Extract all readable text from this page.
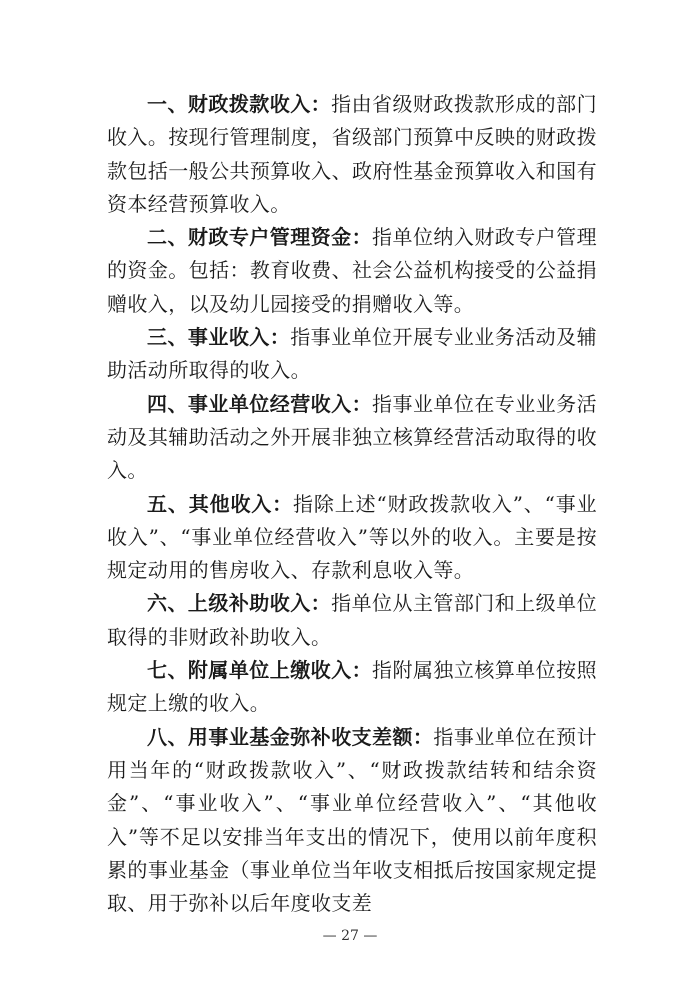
一、财政拨款收入：指由省级财政拨款形成的部门收入。按现行管理制度，省级部门预算中反映的财政拨款包括一般公共预算收入、政府性基金预算收入和国有资本经营预算收入。

二、财政专户管理资金：指单位纳入财政专户管理的资金。包括：教育收费、社会公益机构接受的公益捐赠收入，以及幼儿园接受的捐赠收入等。

三、事业收入：指事业单位开展专业业务活动及辅助活动所取得的收入。

四、事业单位经营收入：指事业单位在专业业务活动及其辅助活动之外开展非独立核算经营活动取得的收入。

五、其他收入：指除上述“财政拨款收入”、“事业收入”、“事业单位经营收入”等以外的收入。主要是按规定动用的售房收入、存款利息收入等。

六、上级补助收入：指单位从主管部门和上级单位取得的非财政补助收入。

七、附属单位上缴收入：指附属独立核算单位按照规定上缴的收入。

八、用事业基金弥补收支差额：指事业单位在预计用当年的“财政拨款收入”、“财政拨款结转和结余资金”、“事业收入”、“事业单位经营收入”、“其他收入”等不足以安排当年支出的情况下，使用以前年度积累的事业基金（事业单位当年收支相抵后按国家规定提取、用于弥补以后年度收支差

— 27 —
